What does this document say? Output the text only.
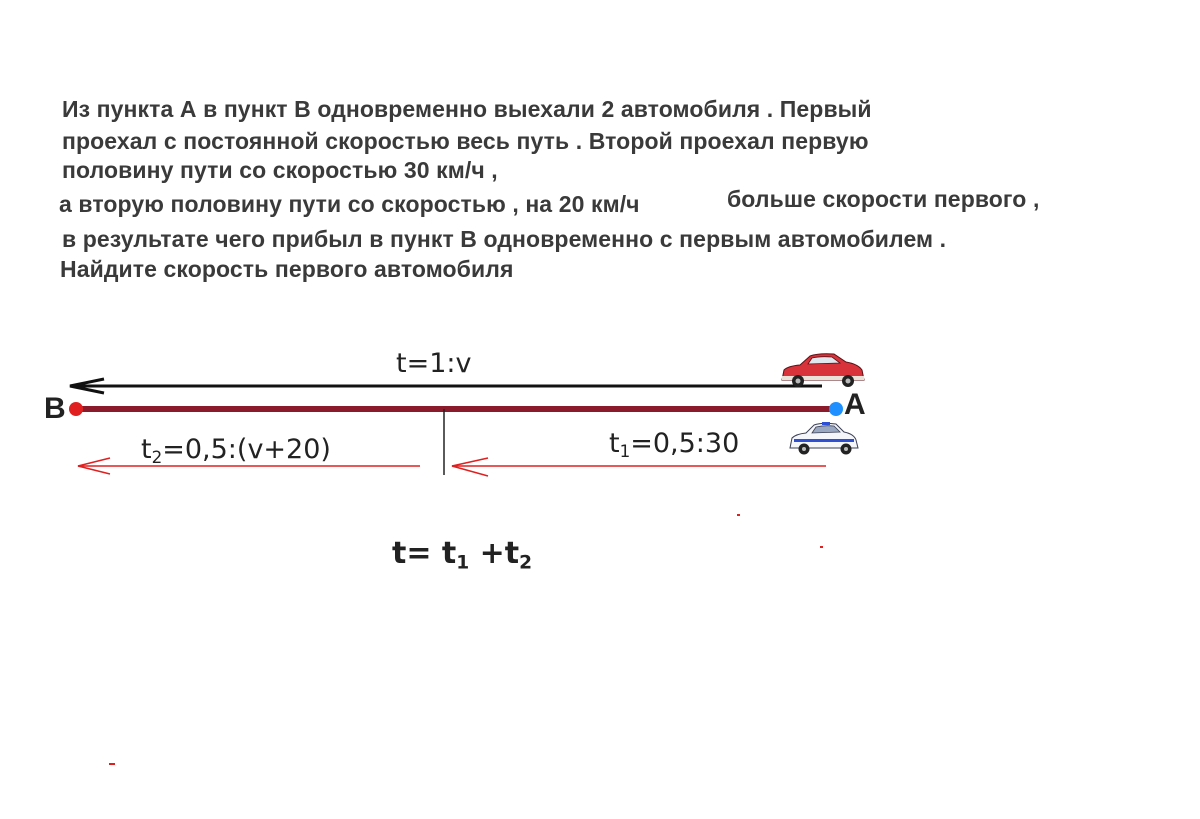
Из пункта А в пункт В одновременно выехали 2 автомобиля . Первый
проехал с постоянной скоростью весь путь . Второй проехал первую
половину пути со скоростью 30 км/ч ,
а вторую половину пути со скоростью , на 20 км/ч	больше скорости первого ,
в результате чего прибыл в пункт В одновременно с первым автомобилем .
Найдите скорость первого автомобиля
B	A
t=1:v
$t_2=0,5:(v+20)$	$t_1=0,5:30$
$t= t_1 +t_2$
